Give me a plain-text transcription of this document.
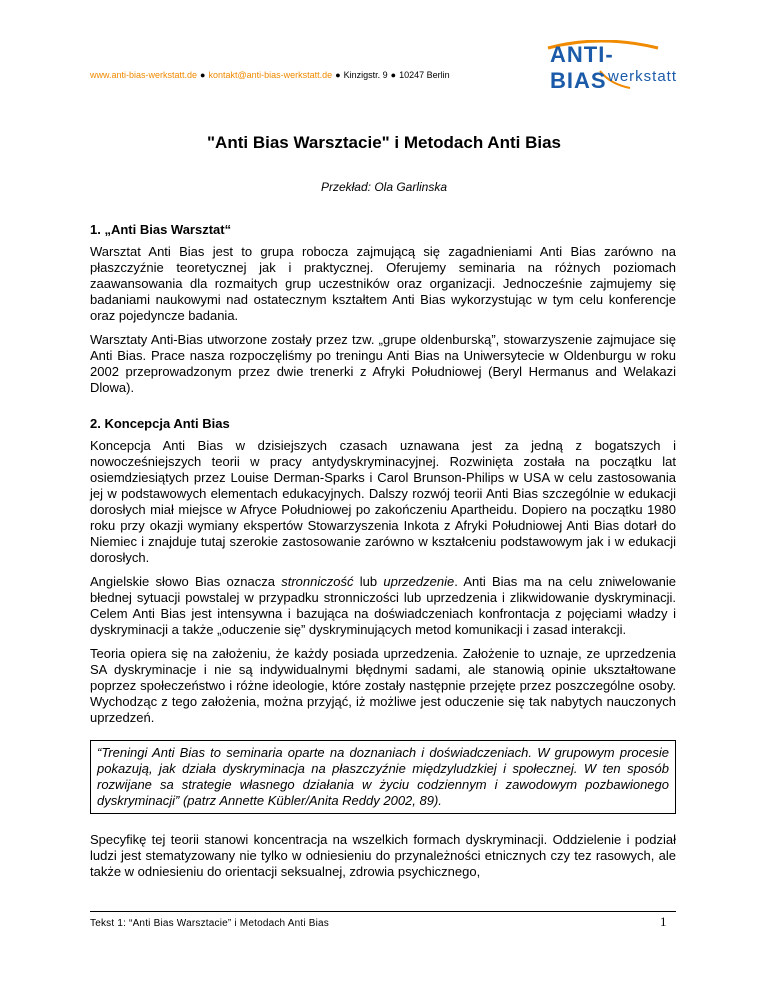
www.anti-bias-werkstatt.de ● kontakt@anti-bias-werkstatt.de ● Kinzigstr. 9 ● 10247 Berlin
ANTI-BIAS werkstatt
"Anti Bias Warsztacie" i Metodach Anti Bias
Przekład: Ola Garlinska
1. „Anti Bias Warsztat“

Warsztat Anti Bias jest to grupa robocza zajmującą się zagadnieniami Anti Bias zarówno na płaszczyźnie teoretycznej jak i praktycznej. Oferujemy seminaria na różnych poziomach zaawansowania dla rozmaitych grup uczestników oraz organizacji. Jednocześnie zajmujemy się badaniami naukowymi nad ostatecznym kształtem Anti Bias wykorzystując w tym celu konferencje oraz pojedyncze badania.

Warsztaty Anti-Bias utworzone zostały przez tzw. „grupe oldenburską”, stowarzyszenie zajmujace się Anti Bias. Prace nasza rozpoczęliśmy po treningu Anti Bias na Uniwersytecie w Oldenburgu w roku 2002 przeprowadzonym przez dwie trenerki z Afryki Południowej (Beryl Hermanus and Welakazi Dlowa).

2. Koncepcja Anti Bias

Koncepcja Anti Bias w dzisiejszych czasach uznawana jest za jedną z bogatszych i nowocześniejszych teorii w pracy antydyskryminacyjnej. Rozwinięta została na początku lat osiemdziesiątych przez Louise Derman-Sparks i Carol Brunson-Philips w USA w celu zastosowania jej w podstawowych elementach edukacyjnych. Dalszy rozwój teorii Anti Bias szczególnie w edukacji dorosłych miał miejsce w Afryce Południowej po zakończeniu Apartheidu. Dopiero na początku 1980 roku przy okazji wymiany ekspertów Stowarzyszenia Inkota z Afryki Południowej Anti Bias dotarł do Niemiec i znajduje tutaj szerokie zastosowanie zarówno w kształceniu podstawowym jak i w edukacji dorosłych.

Angielskie słowo Bias oznacza stronniczość lub uprzedzenie. Anti Bias ma na celu zniwelowanie błednej sytuacji powstalej w przypadku stronniczości lub uprzedzenia i zlikwidowanie dyskryminacji. Celem Anti Bias jest intensywna i bazująca na doświadczeniach konfrontacja z pojęciami władzy i dyskryminacji a także „oduczenie się” dyskryminujących metod komunikacji i zasad interakcji.

Teoria opiera się na założeniu, że każdy posiada uprzedzenia. Założenie to uznaje, ze uprzedzenia SA dyskryminacje i nie są indywidualnymi błędnymi sadami, ale stanowią opinie ukształtowane poprzez społeczeństwo i różne ideologie, które zostały następnie przejęte przez poszczególne osoby. Wychodząc z tego założenia, można przyjąć, iż możliwe jest oduczenie się tak nabytych nauczonych uprzedzeń.

“Treningi Anti Bias to seminaria oparte na doznaniach i doświadczeniach. W grupowym procesie pokazują, jak działa dyskryminacja na płaszczyźnie międzyludzkiej i społecznej. W ten sposób rozwijane sa strategie własnego działania w życiu codziennym i zawodowym pozbawionego dyskryminacji” (patrz Annette Kübler/Anita Reddy 2002, 89).

Specyfikę tej teorii stanowi koncentracja na wszelkich formach dyskryminacji. Oddzielenie i podział ludzi jest stematyzowany nie tylko w odniesieniu do przynależności etnicznych czy tez rasowych, ale także w odniesieniu do orientacji seksualnej, zdrowia psychicznego,

Tekst 1: “Anti Bias Warsztacie” i Metodach Anti Bias	1
